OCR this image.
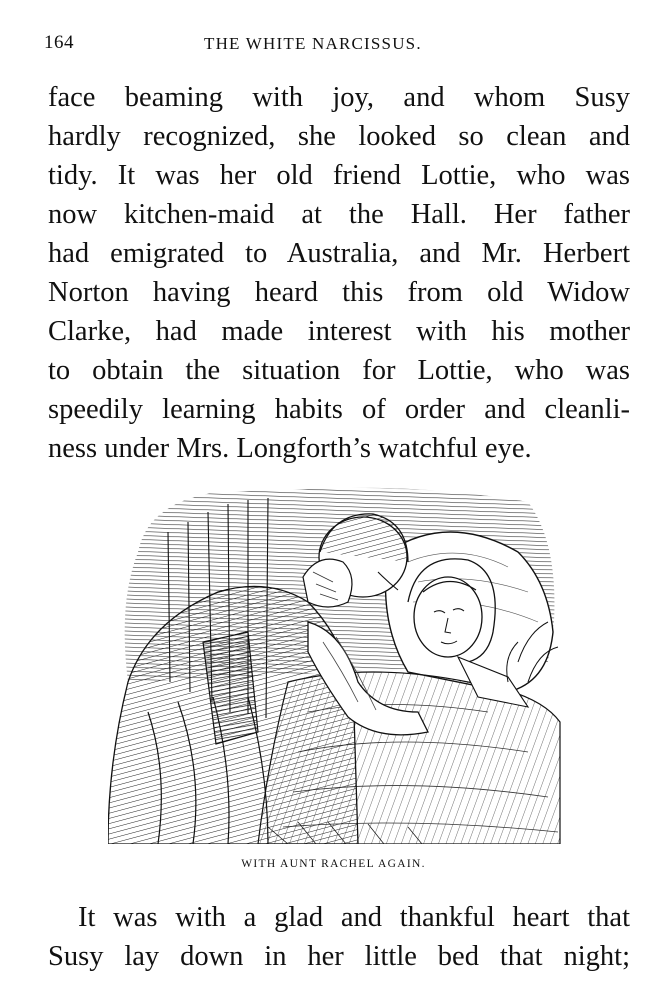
164	THE WHITE NARCISSUS.

face beaming with joy, and whom Susy
hardly recognized, she looked so clean and
tidy. It was her old friend Lottie, who was
now kitchen-maid at the Hall. Her father
had emigrated to Australia, and Mr. Herbert
Norton having heard this from old Widow
Clarke, had made interest with his mother
to obtain the situation for Lottie, who was
speedily learning habits of order and cleanli-
ness under Mrs. Longforth’s watchful eye.

WITH AUNT RACHEL AGAIN.

It was with a glad and thankful heart that
Susy lay down in her little bed that night;
